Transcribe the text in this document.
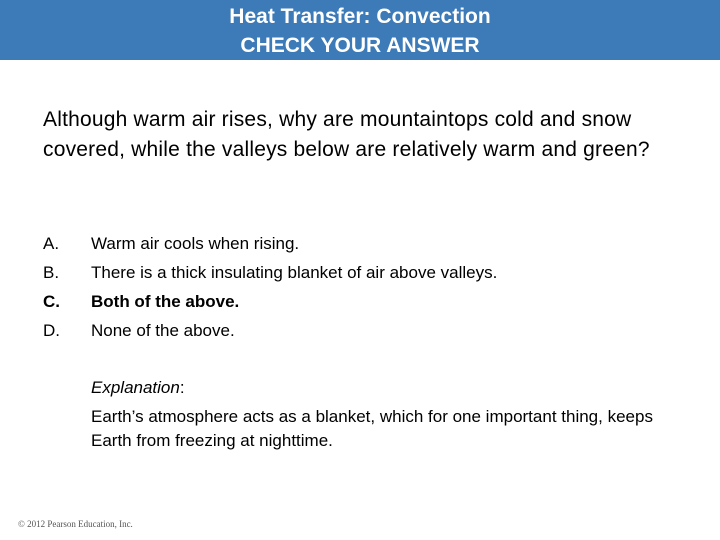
Heat Transfer: Convection
CHECK YOUR ANSWER
Although warm air rises, why are mountaintops cold and snow covered, while the valleys below are relatively warm and green?
A. Warm air cools when rising.
B. There is a thick insulating blanket of air above valleys.
C. Both of the above.
D. None of the above.
Explanation:
Earth’s atmosphere acts as a blanket, which for one important thing, keeps Earth from freezing at nighttime.
© 2012 Pearson Education, Inc.
